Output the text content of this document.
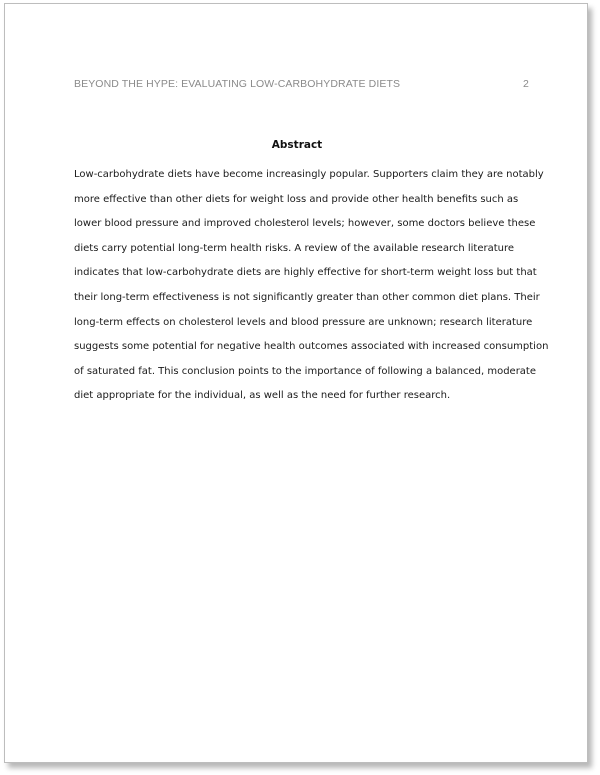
BEYOND THE HYPE: EVALUATING LOW-CARBOHYDRATE DIETS	2
Abstract
Low-carbohydrate diets have become increasingly popular. Supporters claim they are notably
more effective than other diets for weight loss and provide other health benefits such as
lower blood pressure and improved cholesterol levels; however, some doctors believe these
diets carry potential long-term health risks. A review of the available research literature
indicates that low-carbohydrate diets are highly effective for short-term weight loss but that
their long-term effectiveness is not significantly greater than other common diet plans. Their
long-term effects on cholesterol levels and blood pressure are unknown; research literature
suggests some potential for negative health outcomes associated with increased consumption
of saturated fat. This conclusion points to the importance of following a balanced, moderate
diet appropriate for the individual, as well as the need for further research.
